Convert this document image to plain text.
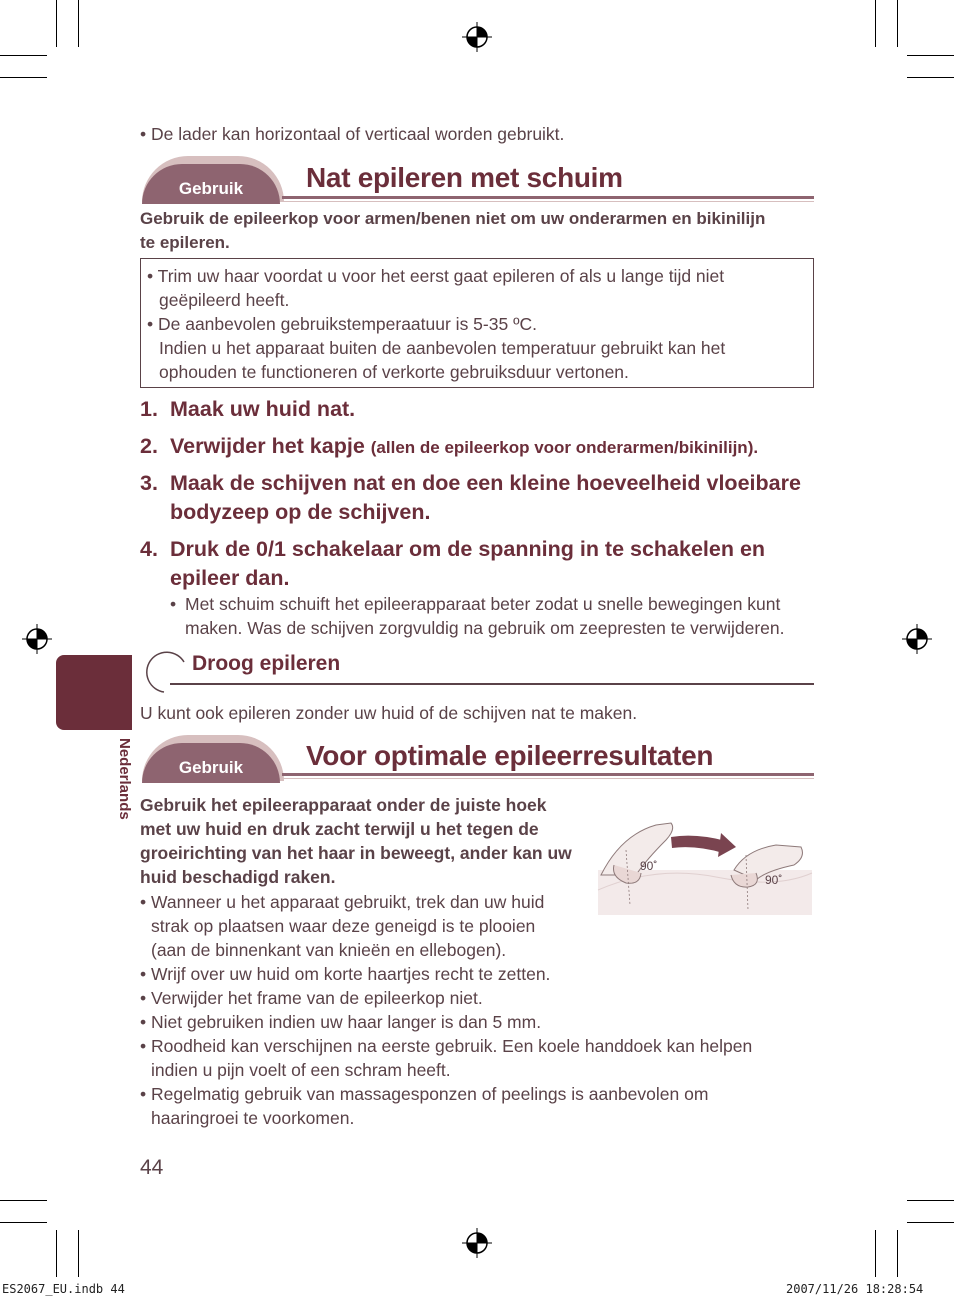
• De lader kan horizontaal of verticaal worden gebruikt.
Gebruik	Nat epileren met schuim
Gebruik de epileerkop voor armen/benen niet om uw onderarmen en bikinilijn
te epileren.
• Trim uw haar voordat u voor het eerst gaat epileren of als u lange tijd niet
geëpileerd heeft.
• De aanbevolen gebruikstemperaatuur is 5-35 ºC.
Indien u het apparaat buiten de aanbevolen temperatuur gebruikt kan het
ophouden te functioneren of verkorte gebruiksduur vertonen.
1. Maak uw huid nat.
2. Verwijder het kapje (allen de epileerkop voor onderarmen/bikinilijn).
3. Maak de schijven nat en doe een kleine hoeveelheid vloeibare
bodyzeep op de schijven.
4. Druk de 0/1 schakelaar om de spanning in te schakelen en
epileer dan.
• Met schuim schuift het epileerapparaat beter zodat u snelle bewegingen kunt
maken. Was de schijven zorgvuldig na gebruik om zeepresten te verwijderen.
Nederlands
Droog epileren
U kunt ook epileren zonder uw huid of de schijven nat te maken.
Gebruik	Voor optimale epileerresultaten
Gebruik het epileerapparaat onder de juiste hoek
met uw huid en druk zacht terwijl u het tegen de
groeirichting van het haar in beweegt, ander kan uw
huid beschadigd raken.
• Wanneer u het apparaat gebruikt, trek dan uw huid
strak op plaatsen waar deze geneigd is te plooien
(aan de binnenkant van knieën en ellebogen).
• Wrijf over uw huid om korte haartjes recht te zetten.
• Verwijder het frame van de epileerkop niet.
• Niet gebruiken indien uw haar langer is dan 5 mm.
• Roodheid kan verschijnen na eerste gebruik. Een koele handdoek kan helpen
indien u pijn voelt of een schram heeft.
• Regelmatig gebruik van massagesponzen of peelings is aanbevolen om
haaringroei te voorkomen.
90˚
90˚
44
ES2067_EU.indb 44	2007/11/26 18:28:54
